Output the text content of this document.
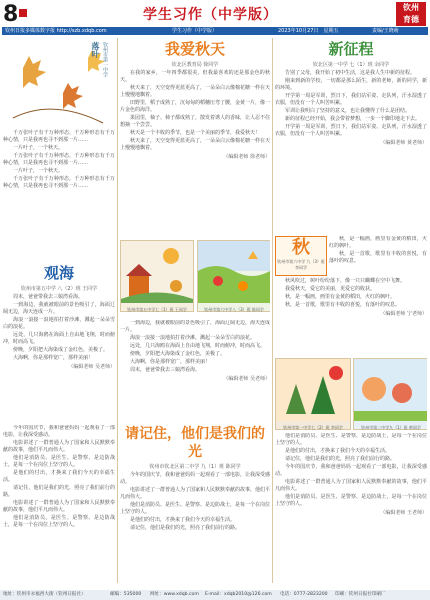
8	学生习作（中学版）	钦州
育德
钦州日报多媒体数字报 http://szb.xdqb.com	学生习作（中学版）	2023年10月27日　星期五	责编/王晓萌
钦州市第一中学
落叶

千万张叶子有千万种形态，千万种形态有千万种心情，只是我再也寻不到那一片……

一片叶子，一个秋天。

千万张叶子有千万种形态，千万种形态有千万种心情，只是我再也寻不到那一片……

一片叶子，一个秋天。

千万张叶子有千万种形态，千万种形态有千万种心情，只是我再也寻不到那一片……

观海
钦州市第五中学 八（2）班 王同学

周末，爸爸带我去三娘湾看海。

一到海边，我就被眼前的景色吸引了，海面辽阔无边，海天连成一片。

海浪一浪接一浪地拍打着沙滩，溅起一朵朵雪白的浪花。

远处，几只海鸥在海面上自由地飞翔，时而俯冲，时而高飞。

傍晚，夕阳把大海染成了金红色，美极了。

大海啊，你是那样宽广，那样美丽！

（编辑老师 吴老师）

今年的国庆节，我和爸爸妈妈一起观看了一部电影，让我深受感动。

电影讲述了一群普通人为了国家和人民默默奉献的故事，他们平凡而伟大。

他们是消防员、是医生、是警察、是边防战士，是每一个在岗位上坚守的人。

是他们的付出，才换来了我们今天的幸福生活。

请记住，他们是我们的光，照亮了我们前行的路。

电影讲述了一群普通人为了国家和人民默默奉献的故事，他们平凡而伟大。

他们是消防员、是医生、是警察、是边防战士，是每一个在岗位上坚守的人。

我爱秋天
钦北区教育局 徐同学

在我的家乡，一年四季都很美，但我最喜欢的还是那金色的秋天。

秋天来了，天空变得更蓝更高了，一朵朵白云像棉花糖一样在天上慢慢地飘着。

田野里，稻子成熟了，沉甸甸的稻穗压弯了腰，金黄一片，像一片金色的海洋。

果园里，柚子、柿子都成熟了，散发着诱人的香味，让人忍不住想摘一个尝尝。

秋天是一个丰收的季节，也是一个美丽的季节，我爱秋天！

秋天来了，天空变得更蓝更高了，一朵朵白云像棉花糖一样在天上慢慢地飘着。

（编辑老师 徐老师）
钦州市第五中学七（1）班 王同学	钦州市第六中学八（3）班 陈同学

一到海边，我就被眼前的景色吸引了，海面辽阔无边，海天连成一片。

海浪一浪接一浪地拍打着沙滩，溅起一朵朵雪白的浪花。

远处，几只海鸥在海面上自由地飞翔，时而俯冲，时而高飞。

傍晚，夕阳把大海染成了金红色，美极了。

大海啊，你是那样宽广，那样美丽！

周末，爸爸带我去三娘湾看海。

（编辑老师 吴老师）
请记住，他们是我们的光
钦州市钦北区第二中学 九（1）班 陈同学

今年的国庆节，我和爸爸妈妈一起观看了一部电影，让我深受感动。

电影讲述了一群普通人为了国家和人民默默奉献的故事，他们平凡而伟大。

他们是消防员、是医生、是警察、是边防战士，是每一个在岗位上坚守的人。

是他们的付出，才换来了我们今天的幸福生活。

请记住，他们是我们的光，照亮了我们前行的路。

新征程
钦北区第一中学 七（1）班 余同学

告别了父母，我开始了初中生活，这是我人生中新的征程。

刚来到新的学校，一切都是那么陌生，新的老师，新的同学，新的环境。

开学第一周是军训，烈日下，我们站军姿、走队列，汗水湿透了衣服，但没有一个人叫苦叫累。

军训让我明白了坚持的意义，也让我懂得了什么是团结。

新的征程已经开始，我会带着梦想，一步一个脚印地走下去。

开学第一周是军训，烈日下，我们站军姿、走队列，汗水湿透了衣服，但没有一个人叫苦叫累。

（编辑老师 黄老师）
秋
钦州市第六中学 九（3）班 李同学

秋，是一幅画，画里有金黄的稻田，火红的枫叶。

秋，是一首歌，歌里有丰收的喜悦，有落叶的叹息。

秋风吹过，树叶纷纷落下，像一只只蝴蝶在空中飞舞。

我爱秋天，爱它的美丽，更爱它的收获。

秋，是一幅画，画里有金黄的稻田，火红的枫叶。

秋，是一首歌，歌里有丰收的喜悦，有落叶的叹息。

（编辑老师 宁老师）
钦州市第一中学七（2）班 李同学	钦州市第二中学九（1）班 黄同学

他们是消防员、是医生、是警察、是边防战士，是每一个在岗位上坚守的人。

是他们的付出，才换来了我们今天的幸福生活。

请记住，他们是我们的光，照亮了我们前行的路。

今年的国庆节，我和爸爸妈妈一起观看了一部电影，让我深受感动。

电影讲述了一群普通人为了国家和人民默默奉献的故事，他们平凡而伟大。

他们是消防员、是医生、是警察、是边防战士，是每一个在岗位上坚守的人。

（编辑老师 王老师）
地址：钦州市永福西大街（钦州日报社）	邮编：535000 网址：www.xdqb.com E-mail：xdqb2010@126.com 电话：0777-2823200 印刷：钦州日报社印刷厂
